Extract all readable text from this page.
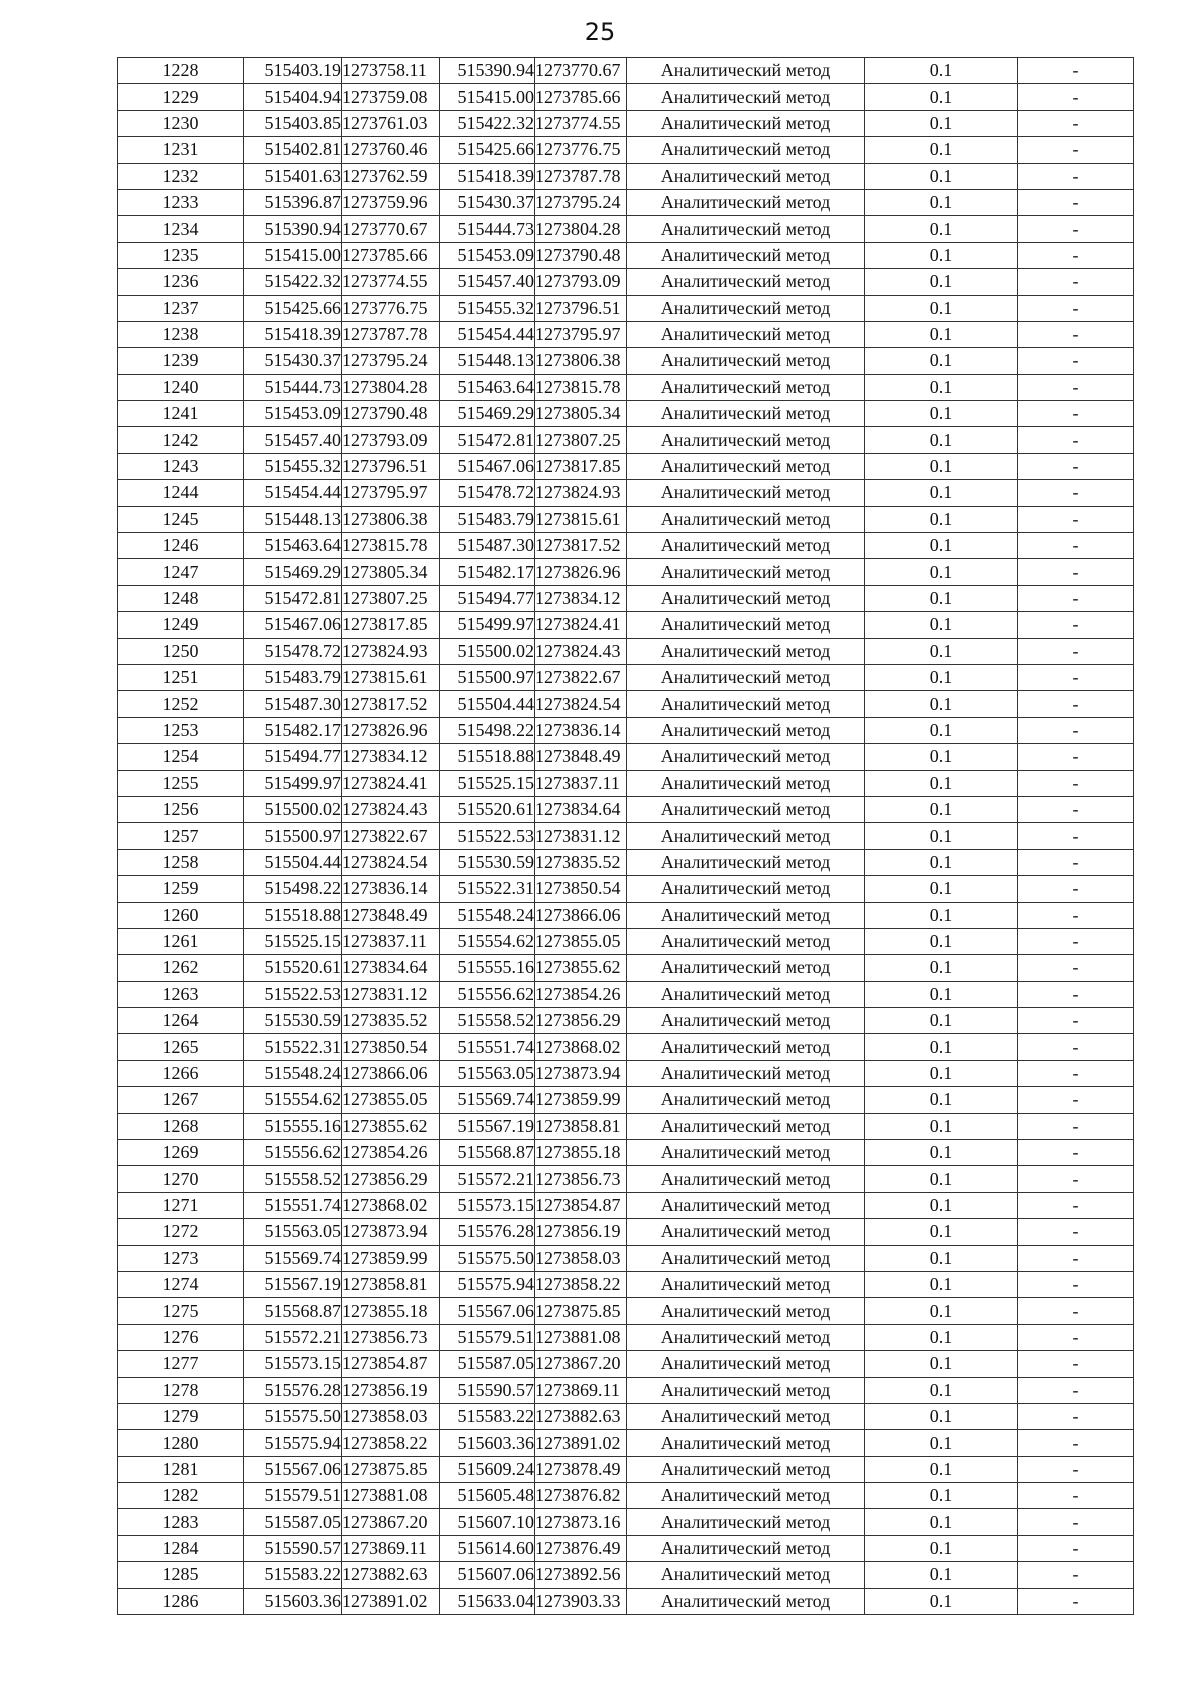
25
1228	515403.19	1273758.11	515390.94	1273770.67	Аналитический метод	0.1	-
1229	515404.94	1273759.08	515415.00	1273785.66	Аналитический метод	0.1	-
1230	515403.85	1273761.03	515422.32	1273774.55	Аналитический метод	0.1	-
1231	515402.81	1273760.46	515425.66	1273776.75	Аналитический метод	0.1	-
1232	515401.63	1273762.59	515418.39	1273787.78	Аналитический метод	0.1	-
1233	515396.87	1273759.96	515430.37	1273795.24	Аналитический метод	0.1	-
1234	515390.94	1273770.67	515444.73	1273804.28	Аналитический метод	0.1	-
1235	515415.00	1273785.66	515453.09	1273790.48	Аналитический метод	0.1	-
1236	515422.32	1273774.55	515457.40	1273793.09	Аналитический метод	0.1	-
1237	515425.66	1273776.75	515455.32	1273796.51	Аналитический метод	0.1	-
1238	515418.39	1273787.78	515454.44	1273795.97	Аналитический метод	0.1	-
1239	515430.37	1273795.24	515448.13	1273806.38	Аналитический метод	0.1	-
1240	515444.73	1273804.28	515463.64	1273815.78	Аналитический метод	0.1	-
1241	515453.09	1273790.48	515469.29	1273805.34	Аналитический метод	0.1	-
1242	515457.40	1273793.09	515472.81	1273807.25	Аналитический метод	0.1	-
1243	515455.32	1273796.51	515467.06	1273817.85	Аналитический метод	0.1	-
1244	515454.44	1273795.97	515478.72	1273824.93	Аналитический метод	0.1	-
1245	515448.13	1273806.38	515483.79	1273815.61	Аналитический метод	0.1	-
1246	515463.64	1273815.78	515487.30	1273817.52	Аналитический метод	0.1	-
1247	515469.29	1273805.34	515482.17	1273826.96	Аналитический метод	0.1	-
1248	515472.81	1273807.25	515494.77	1273834.12	Аналитический метод	0.1	-
1249	515467.06	1273817.85	515499.97	1273824.41	Аналитический метод	0.1	-
1250	515478.72	1273824.93	515500.02	1273824.43	Аналитический метод	0.1	-
1251	515483.79	1273815.61	515500.97	1273822.67	Аналитический метод	0.1	-
1252	515487.30	1273817.52	515504.44	1273824.54	Аналитический метод	0.1	-
1253	515482.17	1273826.96	515498.22	1273836.14	Аналитический метод	0.1	-
1254	515494.77	1273834.12	515518.88	1273848.49	Аналитический метод	0.1	-
1255	515499.97	1273824.41	515525.15	1273837.11	Аналитический метод	0.1	-
1256	515500.02	1273824.43	515520.61	1273834.64	Аналитический метод	0.1	-
1257	515500.97	1273822.67	515522.53	1273831.12	Аналитический метод	0.1	-
1258	515504.44	1273824.54	515530.59	1273835.52	Аналитический метод	0.1	-
1259	515498.22	1273836.14	515522.31	1273850.54	Аналитический метод	0.1	-
1260	515518.88	1273848.49	515548.24	1273866.06	Аналитический метод	0.1	-
1261	515525.15	1273837.11	515554.62	1273855.05	Аналитический метод	0.1	-
1262	515520.61	1273834.64	515555.16	1273855.62	Аналитический метод	0.1	-
1263	515522.53	1273831.12	515556.62	1273854.26	Аналитический метод	0.1	-
1264	515530.59	1273835.52	515558.52	1273856.29	Аналитический метод	0.1	-
1265	515522.31	1273850.54	515551.74	1273868.02	Аналитический метод	0.1	-
1266	515548.24	1273866.06	515563.05	1273873.94	Аналитический метод	0.1	-
1267	515554.62	1273855.05	515569.74	1273859.99	Аналитический метод	0.1	-
1268	515555.16	1273855.62	515567.19	1273858.81	Аналитический метод	0.1	-
1269	515556.62	1273854.26	515568.87	1273855.18	Аналитический метод	0.1	-
1270	515558.52	1273856.29	515572.21	1273856.73	Аналитический метод	0.1	-
1271	515551.74	1273868.02	515573.15	1273854.87	Аналитический метод	0.1	-
1272	515563.05	1273873.94	515576.28	1273856.19	Аналитический метод	0.1	-
1273	515569.74	1273859.99	515575.50	1273858.03	Аналитический метод	0.1	-
1274	515567.19	1273858.81	515575.94	1273858.22	Аналитический метод	0.1	-
1275	515568.87	1273855.18	515567.06	1273875.85	Аналитический метод	0.1	-
1276	515572.21	1273856.73	515579.51	1273881.08	Аналитический метод	0.1	-
1277	515573.15	1273854.87	515587.05	1273867.20	Аналитический метод	0.1	-
1278	515576.28	1273856.19	515590.57	1273869.11	Аналитический метод	0.1	-
1279	515575.50	1273858.03	515583.22	1273882.63	Аналитический метод	0.1	-
1280	515575.94	1273858.22	515603.36	1273891.02	Аналитический метод	0.1	-
1281	515567.06	1273875.85	515609.24	1273878.49	Аналитический метод	0.1	-
1282	515579.51	1273881.08	515605.48	1273876.82	Аналитический метод	0.1	-
1283	515587.05	1273867.20	515607.10	1273873.16	Аналитический метод	0.1	-
1284	515590.57	1273869.11	515614.60	1273876.49	Аналитический метод	0.1	-
1285	515583.22	1273882.63	515607.06	1273892.56	Аналитический метод	0.1	-
1286	515603.36	1273891.02	515633.04	1273903.33	Аналитический метод	0.1	-
